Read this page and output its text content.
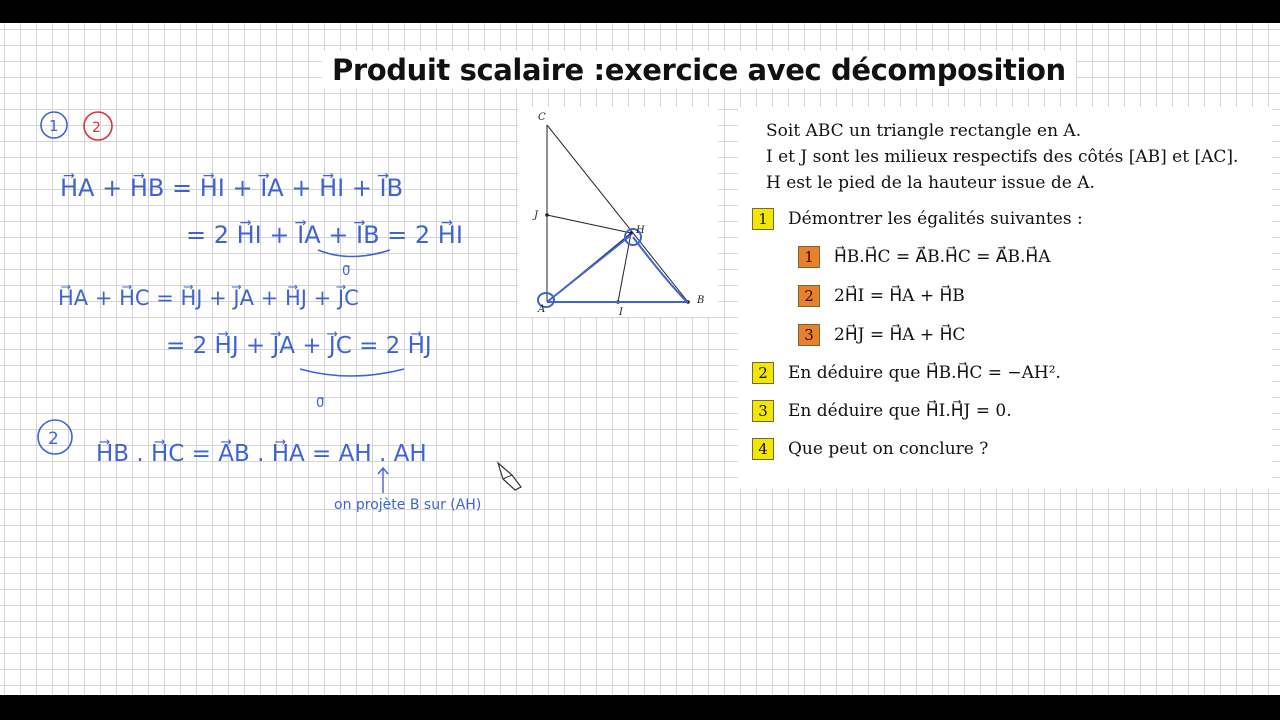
Produit scalaire :exercice avec décomposition
C
J
H
A	I
B
Soit ABC un triangle rectangle en A.
I et J sont les milieux respectifs des côtés [AB] et [AC].
H est le pied de la hauteur issue de A.
1	Démontrer les égalités suivantes :
1	H⃗B.H⃗C = A⃗B.H⃗C = A⃗B.H⃗A
2	2H⃗I = H⃗A + H⃗B
3	2H⃗J = H⃗A + H⃗C
2	En déduire que H⃗B.H⃗C = −AH².
3	En déduire que H⃗I.H⃗J = 0.
4	Que peut on conclure ?
1 2
H⃗A + H⃗B = H⃗I + I⃗A + H⃗I + I⃗B
= 2 H⃗I + I⃗A + I⃗B = 2 H⃗I
0⃗
H⃗A + H⃗C = H⃗J + J⃗A + H⃗J + J⃗C
= 2 H⃗J + J⃗A + J⃗C = 2 H⃗J
0⃗
2
H⃗B . H⃗C = A⃗B . H⃗A = AH . AH
on projète B sur (AH)
